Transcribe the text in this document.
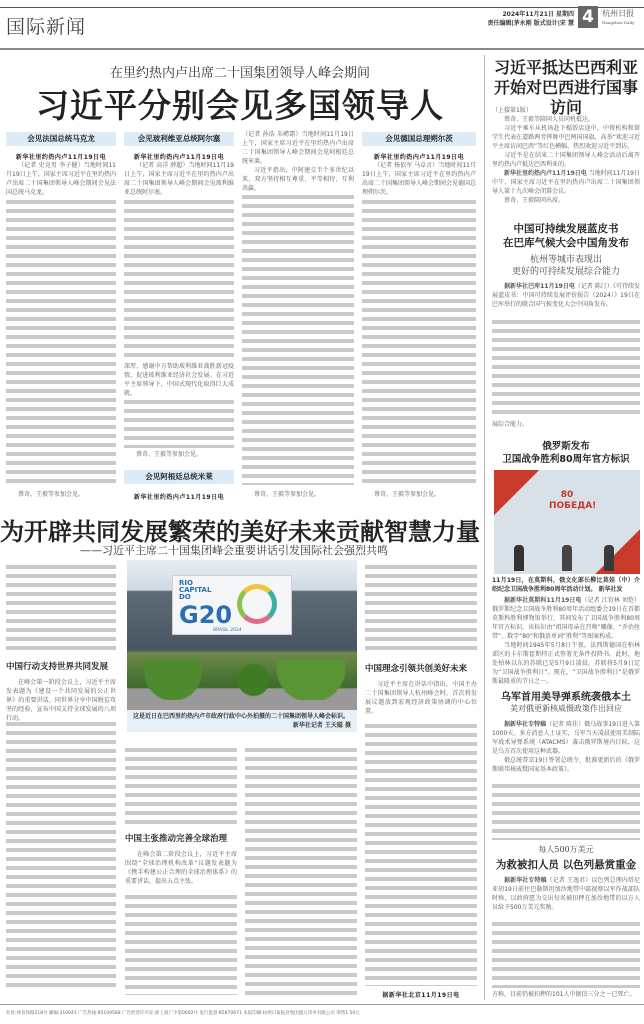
国际新闻
2024年11月21日 星期四
责任编辑|茅永刚 版式设计|宋 慧 4	杭州日报
Hangzhou Daily
在里约热内卢出席二十国集团领导人峰会期间
习近平分别会见多国领导人
会见法国总统马克龙
新华社里约热内卢11月19日电

（记者 史竞男 李子健）当地时间11月19日上午，国家主席习近平在里约热内卢出席二十国集团领导人峰会期间会见法国总统马克龙。

蔡奇、王毅等参加会见。

会见玻利维亚总统阿尔塞
新华社里约热内卢11月19日电

（记者 高洋 薛超）当地时间11月19日上午，国家主席习近平在里约热内卢出席二十国集团领导人峰会期间会见玻利维亚总统阿尔塞。

深厚，感谢中方帮助玻利维亚战胜新冠疫情，促进玻利维亚经济社会发展。在习近平主席领导下，中国式现代化取得巨大成就。

蔡奇、王毅等参加会见。

会见阿根廷总统米莱
新华社里约热内卢11月19日电

（记者 孙浩 朱崂霜）当地时间11月19日上午，国家主席习近平在里约热内卢出席二十国集团领导人峰会期间会见阿根廷总统米莱。

习近平指出，中阿建交半个多世纪以来，双方坚持相互尊重、平等相待、互利共赢。

蔡奇、王毅等参加会见。

会见德国总理朔尔茨
新华社里约热内卢11月19日电

（记者 杨依军 马卓言）当地时间11月19日上午，国家主席习近平在里约热内卢出席二十国集团领导人峰会期间会见德国总理朔尔茨。

蔡奇、王毅等参加会见。

为开辟共同发展繁荣的美好未来贡献智慧力量
——习近平主席二十国集团峰会重要讲话引发国际社会强烈共鸣
中国行动支持世界共同发展

在峰会第一阶段会议上，习近平主席发表题为《建设一个共同发展的公正世界》的重要讲话，同世界分享中国脱贫攻坚的经验，宣布中国支持全球发展的八项行动。

RIO
CAPITAL
DO
G20
BRASIL 2024
这是近日在巴西里约热内卢市政府行政中心外拍摄的二十国集团领导人峰会标识。
新华社记者 王天聪 摄
中国主张推动完善全球治理

在峰会第二阶段会议上，习近平主席围绕“全球治理机构改革”议题发表题为《携手构建公正合理的全球治理体系》的重要讲话，提出五点主张。

中国理念引领共创美好未来

习近平主席在讲话中指出，中国主办二十国集团领导人杭州峰会时，首次将发展议题放到宏观经济政策协调的中心位置。

据新华社北京11月19日电
习近平抵达巴西利亚
开始对巴西进行国事访问

（上接第1版）

蔡奇、王毅等陪同人员同机抵达。

习近平乘车从机场赴下榻饭店途中，中资机构和留学生代表在道路两旁挥舞中巴两国国旗，高举“欢迎习近平主席访问巴西”等红色横幅，热烈欢迎习近平到访。

习近平是在结束二十国集团领导人峰会活动后离开里约热内卢抵达巴西利亚的。

新华社里约热内卢11月19日电 当地时间11月19日中午，国家主席习近平在里约热内卢出席二十国集团领导人第十九次峰会闭幕会议。

蔡奇、王毅陪同出席。

中国可持续发展蓝皮书
在巴库气候大会中国角发布
杭州等城市表现出
更好的可持续发展综合能力

据新华社巴库11月19日电（记者 陈汀）《可持续发展蓝皮书：中国可持续发展评价报告（2024）》19日在巴库举行的联合国气候变化大会中国角发布。

展综合能力。

俄罗斯发布
卫国战争胜利80周年官方标识
80 ПОБЕДА!

11月19日，在莫斯科，俄文化部长柳比莫娃（中）介绍纪念卫国战争胜利80周年活动计划。 新华社发

据新华社莫斯科11月19日电（记者 江宥林 刘恺）俄罗斯纪念卫国战争胜利80周年活动组委会19日在首都莫斯科胜利博物馆举行，其间发布了卫国战争胜利80周年官方标识。该标识由“祖国母亲在召唤”雕像、“乔治丝带”、数字“80”和俄语单词“胜利”等图案构成。

当地时间1945年5月8日午夜，法西斯德国在柏林郊区的卡尔斯霍斯特正式签署无条件投降书。此时，地处柏林以东的苏联已是5月9日凌晨。苏联将5月9日定为“卫国战争胜利日”。现在，“卫国战争胜利日”是俄罗斯最隆重的节日之一。

乌军首用美导弹系统袭俄本土
美对俄更新核威慑政策作出回应

据新华社专特稿（记者 陈佳）俄乌战事19日进入第1000天。多方消息人士证实，乌军当天凌晨使用美制陆军战术导弹系统（ATACMS）袭击俄罗斯境内目标，这是乌方首次使用这种武器。

俄总统普京19日签署总统令，批准更新后的《俄罗斯联邦核威慑国家基本政策》。

每人500万美元
为救被扣人员 以色列悬赏重金

据新华社专特稿（记者 王逸君）以色列总理内塔尼亚胡19日前往巴勒斯坦加沙地带中部视察以军作战部队时称，以政府愿为交出每名被扣押在加沙地带的以方人员给予500万美元奖励。

方称，目前仍被扣押的101人中据信三分之一已死亡。

社址:体育场路218号 邮编:310041 广告热线:85109568 广告经营许可证:浙工商广字第0002号 发行监督:85870671 本报印刷:杭州日报报业集团盛元印务有限公司 零售1.50元
